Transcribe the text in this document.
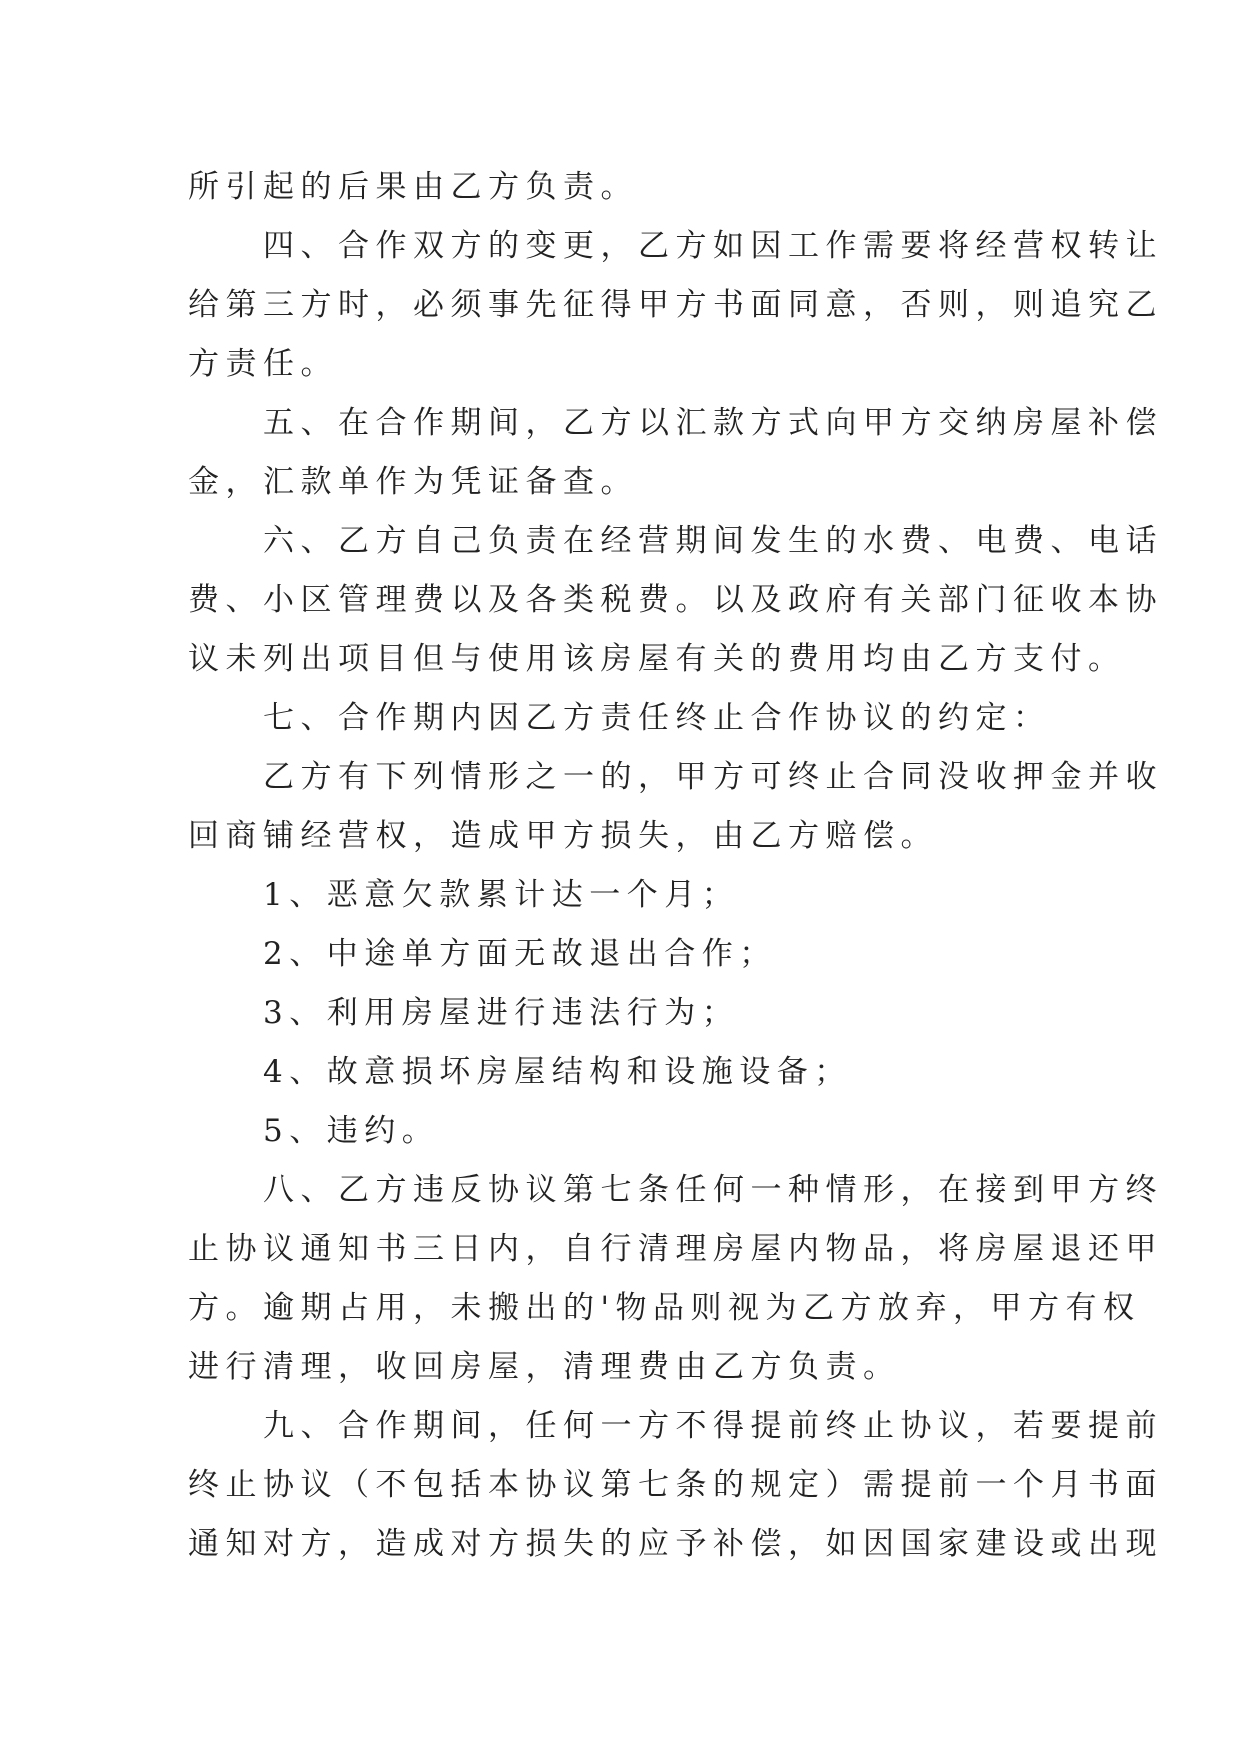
所引起的后果由乙方负责。
　　四、合作双方的变更，乙方如因工作需要将经营权转让
给第三方时，必须事先征得甲方书面同意，否则，则追究乙
方责任。
　　五、在合作期间，乙方以汇款方式向甲方交纳房屋补偿
金，汇款单作为凭证备查。
　　六、乙方自己负责在经营期间发生的水费、电费、电话
费、小区管理费以及各类税费。以及政府有关部门征收本协
议未列出项目但与使用该房屋有关的费用均由乙方支付。
　　七、合作期内因乙方责任终止合作协议的约定：
　　乙方有下列情形之一的，甲方可终止合同没收押金并收
回商铺经营权，造成甲方损失，由乙方赔偿。
　　1、恶意欠款累计达一个月；
　　2、中途单方面无故退出合作；
　　3、利用房屋进行违法行为；
　　4、故意损坏房屋结构和设施设备；
　　5、违约。
　　八、乙方违反协议第七条任何一种情形，在接到甲方终
止协议通知书三日内，自行清理房屋内物品，将房屋退还甲
方。逾期占用，未搬出的'物品则视为乙方放弃，甲方有权
进行清理，收回房屋，清理费由乙方负责。
　　九、合作期间，任何一方不得提前终止协议，若要提前
终止协议（不包括本协议第七条的规定）需提前一个月书面
通知对方，造成对方损失的应予补偿，如因国家建设或出现
